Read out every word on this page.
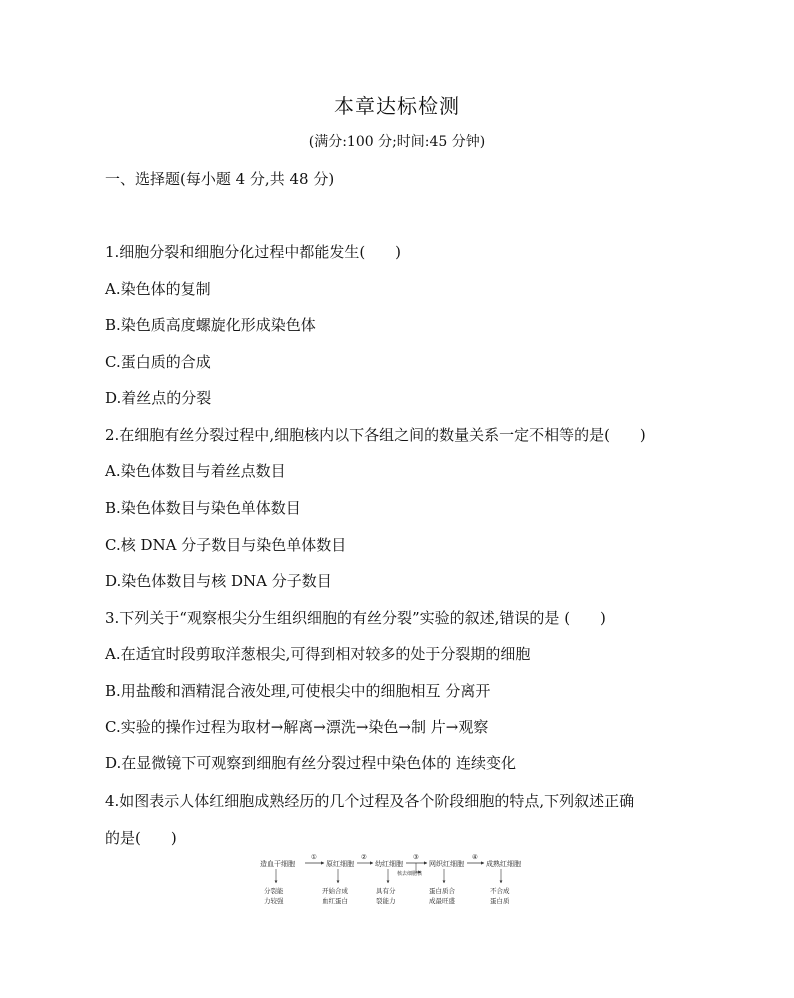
本章达标检测
(满分:100 分;时间:45 分钟)
一、选择题(每小题 4 分,共 48 分)
1.细胞分裂和细胞分化过程中都能发生(　　)
A.染色体的复制
B.染色质高度螺旋化形成染色体
C.蛋白质的合成
D.着丝点的分裂
2.在细胞有丝分裂过程中,细胞核内以下各组之间的数量关系一定不相等的是(　　)
A.染色体数目与着丝点数目
B.染色体数目与染色单体数目
C.核 DNA 分子数目与染色单体数目
D.染色体数目与核 DNA 分子数目
3.下列关于“观察根尖分生组织细胞的有丝分裂”实验的叙述,错误的是 (　　)
A.在适宜时段剪取洋葱根尖,可得到相对较多的处于分裂期的细胞
B.用盐酸和酒精混合液处理,可使根尖中的细胞相互 分离开
C.实验的操作过程为取材→解离→漂洗→染色→制 片→观察
D.在显微镜下可观察到细胞有丝分裂过程中染色体的 连续变化
4.如图表示人体红细胞成熟经历的几个过程及各个阶段细胞的特点,下列叙述正确
的是(　　)
造血干细胞	原红细胞	幼红细胞	网织红细胞	成熟红细胞
①	②	③	④
核去细胞核
分裂能
力较强
开始合成
血红蛋白
具有分
裂能力
蛋白质合
成最旺盛
不合成
蛋白质
